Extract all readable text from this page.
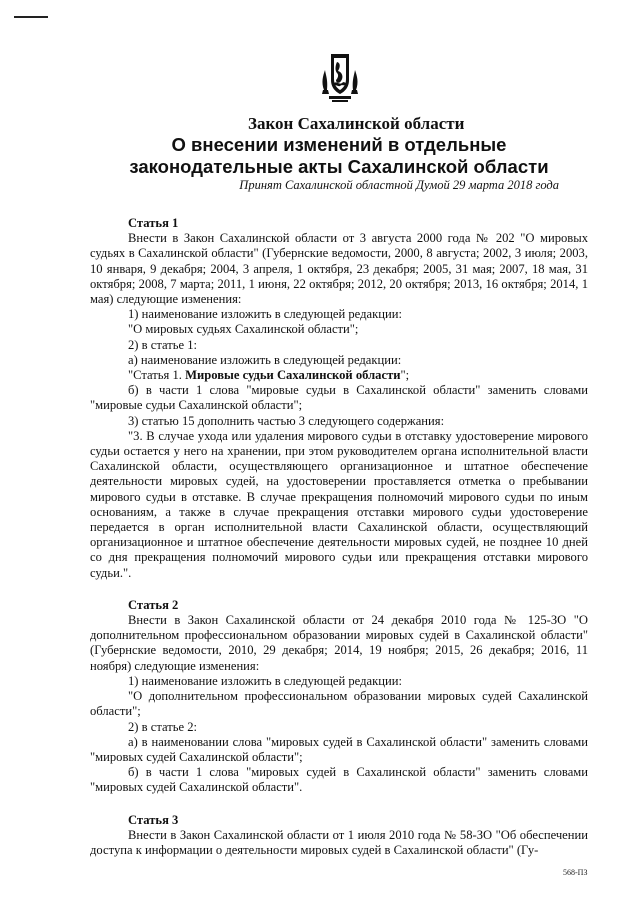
Закон Сахалинской области
О внесении изменений в отдельные
законодательные акты Сахалинской области
Принят Сахалинской областной Думой 29 марта 2018 года

Статья 1

Внести в Закон Сахалинской области от 3 августа 2000 года № 202 "О мировых судьях в Сахалинской области" (Губернские ведомости, 2000, 8 августа; 2002, 3 июля; 2003, 10 января, 9 декабря; 2004, 3 апреля, 1 октября, 23 декабря; 2005, 31 мая; 2007, 18 мая, 31 октября; 2008, 7 марта; 2011, 1 июня, 22 октября; 2012, 20 октября; 2013, 16 октября; 2014, 1 мая) следующие изменения:

1) наименование изложить в следующей редакции:

"О мировых судьях Сахалинской области";

2) в статье 1:

а) наименование изложить в следующей редакции:

"Статья 1. Мировые судьи Сахалинской области";

б) в части 1 слова "мировые судьи в Сахалинской области" заменить словами "мировые судьи Сахалинской области";

3) статью 15 дополнить частью 3 следующего содержания:

"3. В случае ухода или удаления мирового судьи в отставку удостоверение мирового судьи остается у него на хранении, при этом руководителем органа исполнительной власти Сахалинской области, осуществляющего организационное и штатное обеспечение деятельности мировых судей, на удостоверении проставляется отметка о пребывании мирового судьи в отставке. В случае прекращения полномочий мирового судьи по иным основаниям, а также в случае прекращения отставки мирового судьи удостоверение передается в орган исполнительной власти Сахалинской области, осуществляющий организационное и штатное обеспечение деятельности мировых судей, не позднее 10 дней со дня прекращения полномочий мирового судьи или прекращения отставки мирового судьи.".

Статья 2

Внести в Закон Сахалинской области от 24 декабря 2010 года № 125-ЗО "О дополнительном профессиональном образовании мировых судей в Сахалинской области" (Губернские ведомости, 2010, 29 декабря; 2014, 19 ноября; 2015, 26 декабря; 2016, 11 ноября) следующие изменения:

1) наименование изложить в следующей редакции:

"О дополнительном профессиональном образовании мировых судей Сахалинской области";

2) в статье 2:

а) в наименовании слова "мировых судей в Сахалинской области" заменить словами "мировых судей Сахалинской области";

б) в части 1 слова "мировых судей в Сахалинской области" заменить словами "мировых судей Сахалинской области".

Статья 3

Внести в Закон Сахалинской области от 1 июля 2010 года № 58-ЗО "Об обеспечении доступа к информации о деятельности мировых судей в Сахалинской области" (Гу-

568-ПЗ
